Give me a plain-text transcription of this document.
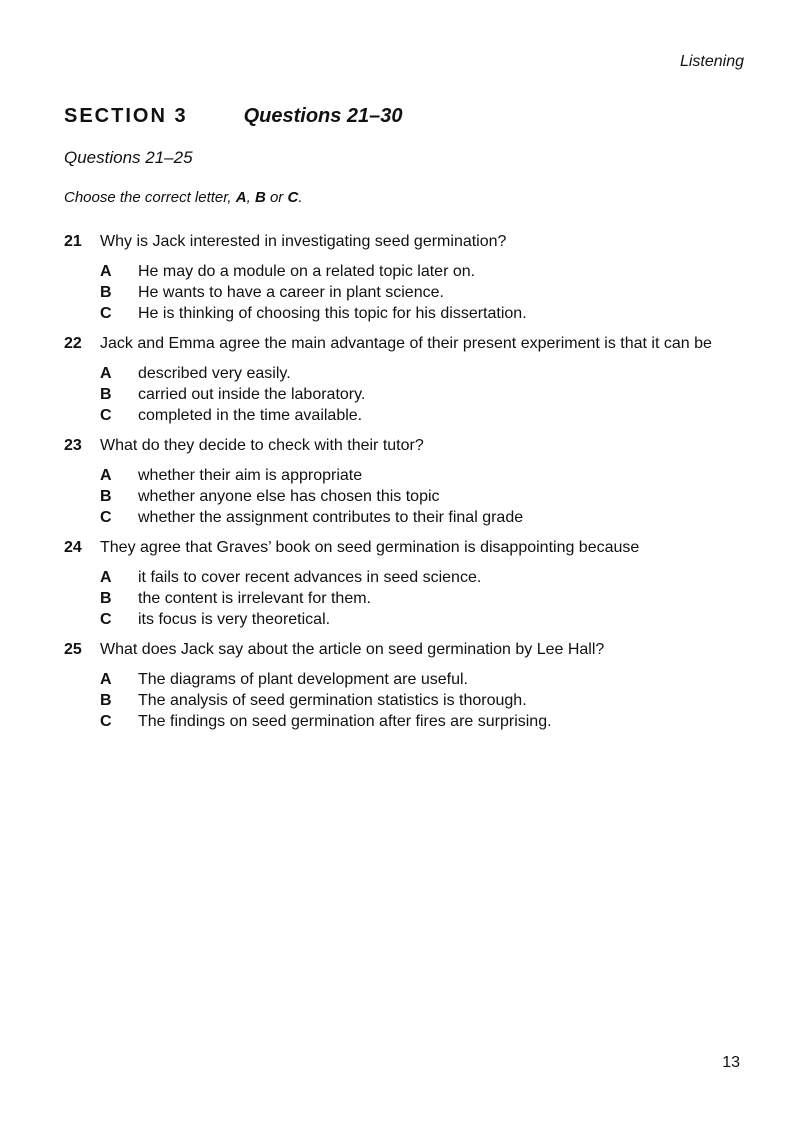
Listening
SECTION 3	Questions 21–30
Questions 21–25
Choose the correct letter, A, B or C.
21	Why is Jack interested in investigating seed germination?
A	He may do a module on a related topic later on.
B	He wants to have a career in plant science.
C	He is thinking of choosing this topic for his dissertation.
22	Jack and Emma agree the main advantage of their present experiment is that it can be
A	described very easily.
B	carried out inside the laboratory.
C	completed in the time available.
23	What do they decide to check with their tutor?
A	whether their aim is appropriate
B	whether anyone else has chosen this topic
C	whether the assignment contributes to their final grade
24	They agree that Graves’ book on seed germination is disappointing because
A	it fails to cover recent advances in seed science.
B	the content is irrelevant for them.
C	its focus is very theoretical.
25	What does Jack say about the article on seed germination by Lee Hall?
A	The diagrams of plant development are useful.
B	The analysis of seed germination statistics is thorough.
C	The findings on seed germination after fires are surprising.
13
